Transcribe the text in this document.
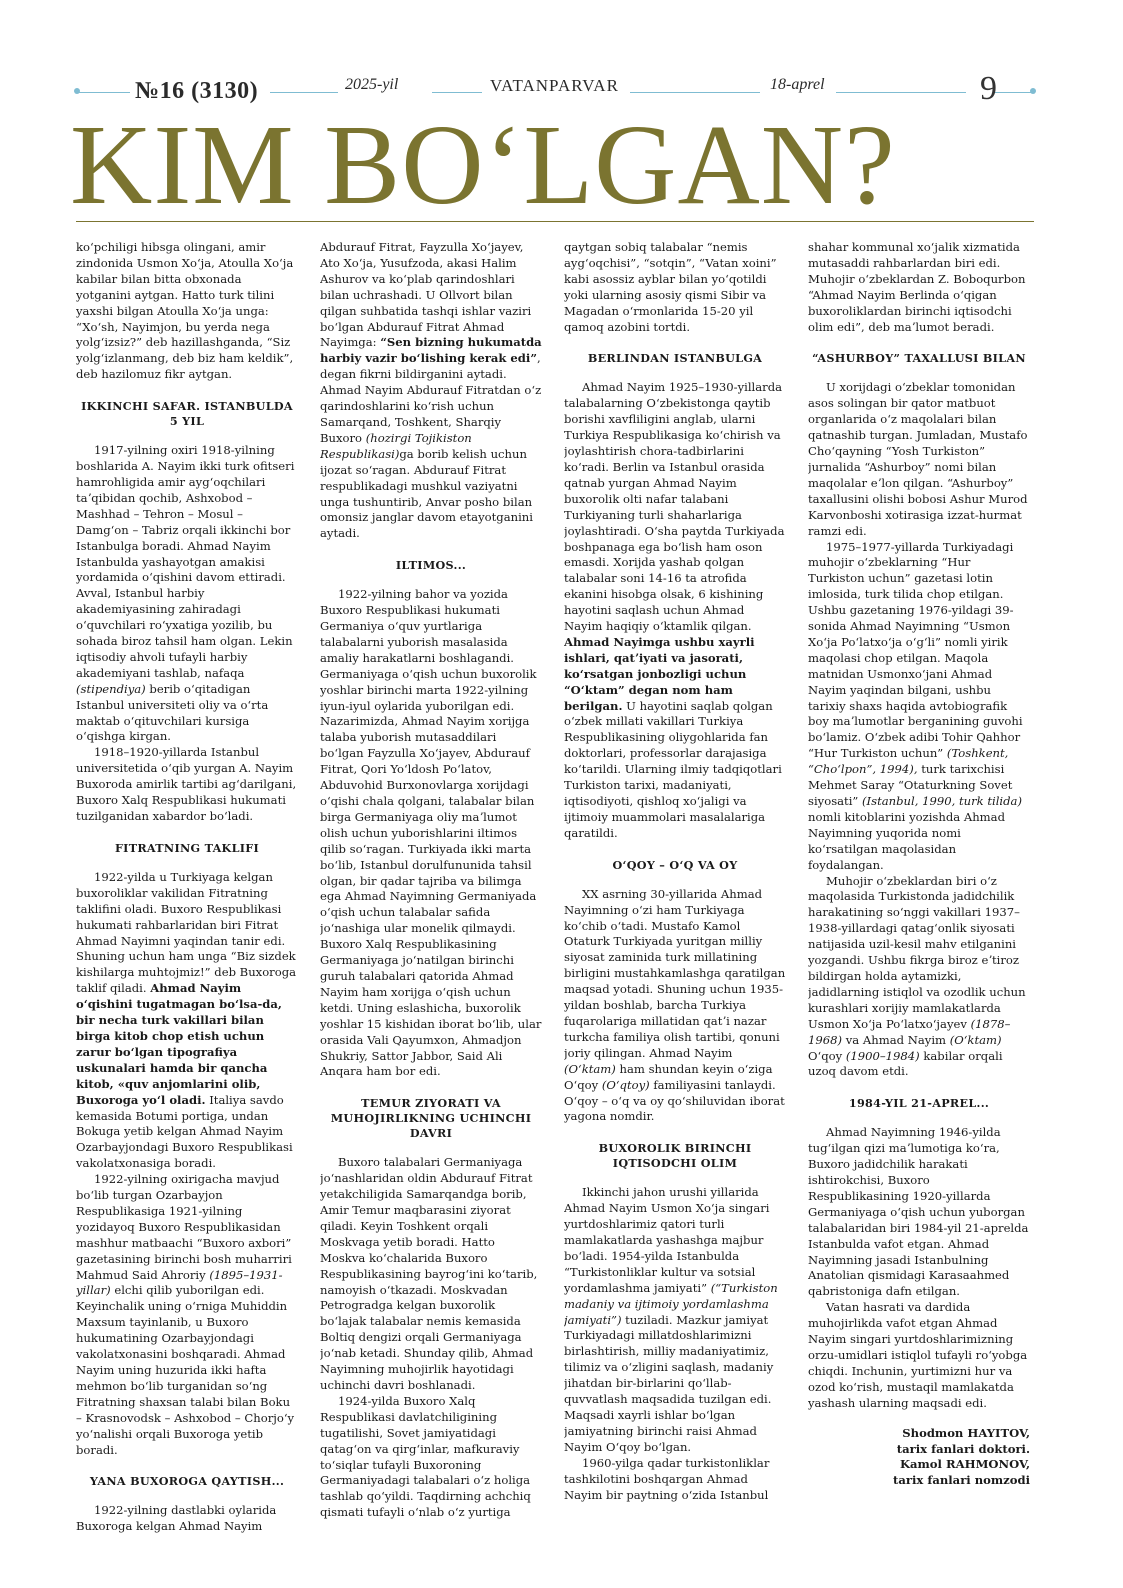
№16 (3130)	2025-yil	VATANPARVAR	18-aprel	9
KIM BOʻLGAN?

koʻpchiligi hibsga olingani, amir zindonida Usmon Xoʻja, Atoulla Xoʻja kabilar bilan bitta obxonada yotganini aytgan. Hatto turk tilini yaxshi bilgan Atoulla Xoʻja unga: “Xoʻsh, Nayimjon, bu yerda nega yolgʻizsiz?” deb hazillashganda, “Siz yolgʻizlanmang, deb biz ham keldik”, deb hazilomuz fikr aytgan.

IKKINCHI SAFAR. ISTANBULDA 5 YIL

1917-yilning oxiri 1918-yilning boshlarida A. Nayim ikki turk ofitseri hamrohligida amir aygʻoqchilari taʼqibidan qochib, Ashxobod – Mashhad – Tehron – Mosul – Damgʻon – Tabriz orqali ikkinchi bor Istanbulga boradi. Ahmad Nayim Istanbulda yashayotgan amakisi yordamida oʻqishini davom ettiradi. Avval, Istanbul harbiy akademiyasining zahiradagi oʻquvchilari roʻyxatiga yozilib, bu sohada biroz tahsil ham olgan. Lekin iqtisodiy ahvoli tufayli harbiy akademiyani tashlab, nafaqa (stipendiya) berib oʻqitadigan Istanbul universiteti oliy va oʻrta maktab oʻqituvchilari kursiga oʻqishga kirgan.

1918–1920-yillarda Istanbul universitetida oʻqib yurgan A. Nayim Buxoroda amirlik tartibi agʻdarilgani, Buxoro Xalq Respublikasi hukumati tuzilganidan xabardor boʻladi.

FITRATNING TAKLIFI

1922-yilda u Turkiyaga kelgan buxoroliklar vakilidan Fitratning taklifini oladi. Buxoro Respublikasi hukumati rahbarlaridan biri Fitrat Ahmad Nayimni yaqindan tanir edi. Shuning uchun ham unga “Biz sizdek kishilarga muhtojmiz!” deb Buxoroga taklif qiladi. Ahmad Nayim oʻqishini tugatmagan boʻlsa-da, bir necha turk vakillari bilan birga kitob chop etish uchun zarur boʻlgan tipografiya uskunalari hamda bir qancha kitob, «quv anjomlarini olib, Buxoroga yoʻl oladi. Italiya savdo kemasida Botumi portiga, undan Bokuga yetib kelgan Ahmad Nayim Ozarbayjondagi Buxoro Respublikasi vakolatxonasiga boradi.

1922-yilning oxirigacha mavjud boʻlib turgan Ozarbayjon Respublikasiga 1921-yilning yozidayoq Buxoro Respublikasidan mashhur matbaachi “Buxoro axbori” gazetasining birinchi bosh muharriri Mahmud Said Ahroriy (1895–1931-yillar) elchi qilib yuborilgan edi. Keyinchalik uning oʻrniga Muhiddin Maxsum tayinlanib, u Buxoro hukumatining Ozarbayjondagi vakolatxonasini boshqaradi. Ahmad Nayim uning huzurida ikki hafta mehmon boʻlib turganidan soʻng Fitratning shaxsan talabi bilan Boku – Krasnovodsk – Ashxobod – Chorjoʻy yoʻnalishi orqali Buxoroga yetib boradi.

YANA BUXOROGA QAYTISH...

1922-yilning dastlabki oylarida Buxoroga kelgan Ahmad Nayim

Abdurauf Fitrat, Fayzulla Xoʻjayev, Ato Xoʻja, Yusufzoda, akasi Halim Ashurov va koʻplab qarindoshlari bilan uchrashadi. U Ollvort bilan qilgan suhbatida tashqi ishlar vaziri boʻlgan Abdurauf Fitrat Ahmad Nayimga: “Sen bizning hukumatda harbiy vazir boʻlishing kerak edi”, degan fikrni bildirganini aytadi. Ahmad Nayim Abdurauf Fitratdan oʻz qarindoshlarini koʻrish uchun Samarqand, Toshkent, Sharqiy Buxoro (hozirgi Tojikiston Respublikasi)ga borib kelish uchun ijozat soʻragan. Abdurauf Fitrat respublikadagi mushkul vaziyatni unga tushuntirib, Anvar posho bilan omonsiz janglar davom etayotganini aytadi.

ILTIMOS...

1922-yilning bahor va yozida Buxoro Respublikasi hukumati Germaniya oʻquv yurtlariga talabalarni yuborish masalasida amaliy harakatlarni boshlagandi. Germaniyaga oʻqish uchun buxorolik yoshlar birinchi marta 1922-yilning iyun-iyul oylarida yuborilgan edi. Nazarimizda, Ahmad Nayim xorijga talaba yuborish mutasaddilari boʻlgan Fayzulla Xoʻjayev, Abdurauf Fitrat, Qori Yoʻldosh Poʻlatov, Abduvohid Burxonovlarga xorijdagi oʻqishi chala qolgani, talabalar bilan birga Germaniyaga oliy maʼlumot olish uchun yuborishlarini iltimos qilib soʻragan. Turkiyada ikki marta boʻlib, Istanbul dorulfununida tahsil olgan, bir qadar tajriba va bilimga ega Ahmad Nayimning Germaniyada oʻqish uchun talabalar safida joʻnashiga ular monelik qilmaydi. Buxoro Xalq Respublikasining Germaniyaga joʻnatilgan birinchi guruh talabalari qatorida Ahmad Nayim ham xorijga oʻqish uchun ketdi. Uning eslashicha, buxorolik yoshlar 15 kishidan iborat boʻlib, ular orasida Vali Qayumxon, Ahmadjon Shukriy, Sattor Jabbor, Said Ali Anqara ham bor edi.

TEMUR ZIYORATI VA MUHOJIRLIKNING UCHINCHI DAVRI

Buxoro talabalari Germaniyaga joʻnashlaridan oldin Abdurauf Fitrat yetakchiligida Samarqandga borib, Amir Temur maqbarasini ziyorat qiladi. Keyin Toshkent orqali Moskvaga yetib boradi. Hatto Moskva koʻchalarida Buxoro Respublikasining bayrogʻini koʻtarib, namoyish oʻtkazadi. Moskvadan Petrogradga kelgan buxorolik boʻlajak talabalar nemis kemasida Boltiq dengizi orqali Germaniyaga joʻnab ketadi. Shunday qilib, Ahmad Nayimning muhojirlik hayotidagi uchinchi davri boshlanadi.

1924-yilda Buxoro Xalq Respublikasi davlatchiligining tugatilishi, Sovet jamiyatidagi qatagʻon va qirgʻinlar, mafkuraviy toʻsiqlar tufayli Buxoroning Germaniyadagi talabalari oʻz holiga tashlab qoʻyildi. Taqdirning achchiq qismati tufayli oʻnlab oʻz yurtiga

qaytgan sobiq talabalar “nemis aygʻoqchisi”, “sotqin”, “Vatan xoini” kabi asossiz ayblar bilan yoʻqotildi yoki ularning asosiy qismi Sibir va Magadan oʻrmonlarida 15-20 yil qamoq azobini tortdi.

BERLINDAN ISTANBULGA

Ahmad Nayim 1925–1930-yillarda talabalarning Oʻzbekistonga qaytib borishi xavfliligini anglab, ularni Turkiya Respublikasiga koʻchirish va joylashtirish chora-tadbirlarini koʻradi. Berlin va Istanbul orasida qatnab yurgan Ahmad Nayim buxorolik olti nafar talabani Turkiyaning turli shaharlariga joylashtiradi. Oʻsha paytda Turkiyada boshpanaga ega boʻlish ham oson emasdi. Xorijda yashab qolgan talabalar soni 14-16 ta atrofida ekanini hisobga olsak, 6 kishining hayotini saqlash uchun Ahmad Nayim haqiqiy oʻktamlik qilgan. Ahmad Nayimga ushbu xayrli ishlari, qatʼiyati va jasorati, koʻrsatgan jonbozligi uchun “Oʻktam” degan nom ham berilgan. U hayotini saqlab qolgan oʻzbek millati vakillari Turkiya Respublikasining oliygohlarida fan doktorlari, professorlar darajasiga koʻtarildi. Ularning ilmiy tadqiqotlari Turkiston tarixi, madaniyati, iqtisodiyoti, qishloq xoʻjaligi va ijtimoiy muammolari masalalariga qaratildi.

OʻQOY – OʻQ VA OY

XX asrning 30-yillarida Ahmad Nayimning oʻzi ham Turkiyaga koʻchib oʻtadi. Mustafo Kamol Otaturk Turkiyada yuritgan milliy siyosat zaminida turk millatining birligini mustahkamlashga qaratilgan maqsad yotadi. Shuning uchun 1935-yildan boshlab, barcha Turkiya fuqarolariga millatidan qatʼi nazar turkcha familiya olish tartibi, qonuni joriy qilingan. Ahmad Nayim (Oʻktam) ham shundan keyin oʻziga Oʻqoy (Oʻqtoy) familiyasini tanlaydi. Oʻqoy – oʻq va oy qoʻshiluvidan iborat yagona nomdir.

BUXOROLIK BIRINCHI IQTISODCHI OLIM

Ikkinchi jahon urushi yillarida Ahmad Nayim Usmon Xoʻja singari yurtdoshlarimiz qatori turli mamlakatlarda yashashga majbur boʻladi. 1954-yilda Istanbulda “Turkistonliklar kultur va sotsial yordamlashma jamiyati” (“Turkiston madaniy va ijtimoiy yordamlashma jamiyati”) tuziladi. Mazkur jamiyat Turkiyadagi millatdoshlarimizni birlashtirish, milliy madaniyatimiz, tilimiz va oʻzligini saqlash, madaniy jihatdan bir-birlarini qoʻllab-quvvatlash maqsadida tuzilgan edi. Maqsadi xayrli ishlar boʻlgan jamiyatning birinchi raisi Ahmad Nayim Oʻqoy boʻlgan.

1960-yilga qadar turkistonliklar tashkilotini boshqargan Ahmad Nayim bir paytning oʻzida Istanbul

shahar kommunal xoʻjalik xizmatida mutasaddi rahbarlardan biri edi. Muhojir oʻzbeklardan Z. Boboqurbon “Ahmad Nayim Berlinda oʻqigan buxoroliklardan birinchi iqtisodchi olim edi”, deb maʼlumot beradi.

“ASHURBOY” TAXALLUSI BILAN

U xorijdagi oʻzbeklar tomonidan asos solingan bir qator matbuot organlarida oʻz maqolalari bilan qatnashib turgan. Jumladan, Mustafo Choʻqayning “Yosh Turkiston” jurnalida “Ashurboy” nomi bilan maqolalar eʼlon qilgan. “Ashurboy” taxallusini olishi bobosi Ashur Murod Karvonboshi xotirasiga izzat-hurmat ramzi edi.

1975–1977-yillarda Turkiyadagi muhojir oʻzbeklarning “Hur Turkiston uchun” gazetasi lotin imlosida, turk tilida chop etilgan. Ushbu gazetaning 1976-yildagi 39-sonida Ahmad Nayimning “Usmon Xoʻja Poʻlatxoʻja oʻgʻli” nomli yirik maqolasi chop etilgan. Maqola matnidan Usmonxoʻjani Ahmad Nayim yaqindan bilgani, ushbu tarixiy shaxs haqida avtobiografik boy maʼlumotlar berganining guvohi boʻlamiz. Oʻzbek adibi Tohir Qahhor “Hur Turkiston uchun” (Toshkent, “Choʻlpon”, 1994), turk tarixchisi Mehmet Saray “Otaturkning Sovet siyosati” (Istanbul, 1990, turk tilida) nomli kitoblarini yozishda Ahmad Nayimning yuqorida nomi koʻrsatilgan maqolasidan foydalangan.

Muhojir oʻzbeklardan biri oʻz maqolasida Turkistonda jadidchilik harakatining soʻnggi vakillari 1937–1938-yillardagi qatagʻonlik siyosati natijasida uzil-kesil mahv etilganini yozgandi. Ushbu fikrga biroz eʼtiroz bildirgan holda aytamizki, jadidlarning istiqlol va ozodlik uchun kurashlari xorijiy mamlakatlarda Usmon Xoʻja Poʻlatxoʻjayev (1878–1968) va Ahmad Nayim (Oʻktam) Oʻqoy (1900–1984) kabilar orqali uzoq davom etdi.

1984-YIL 21-APREL...

Ahmad Nayimning 1946-yilda tugʻilgan qizi maʼlumotiga koʻra, Buxoro jadidchilik harakati ishtirokchisi, Buxoro Respublikasining 1920-yillarda Germaniyaga oʻqish uchun yuborgan talabalaridan biri 1984-yil 21-aprelda Istanbulda vafot etgan. Ahmad Nayimning jasadi Istanbulning Anatolian qismidagi Karasaahmed qabristoniga dafn etilgan.

Vatan hasrati va dardida muhojirlikda vafot etgan Ahmad Nayim singari yurtdoshlarimizning orzu-umidlari istiqlol tufayli roʻyobga chiqdi. Inchunin, yurtimizni hur va ozod koʻrish, mustaqil mamlakatda yashash ularning maqsadi edi.

Shodmon HAYITOV,
tarix fanlari doktori.
Kamol RAHMONOV,
tarix fanlari nomzodi
